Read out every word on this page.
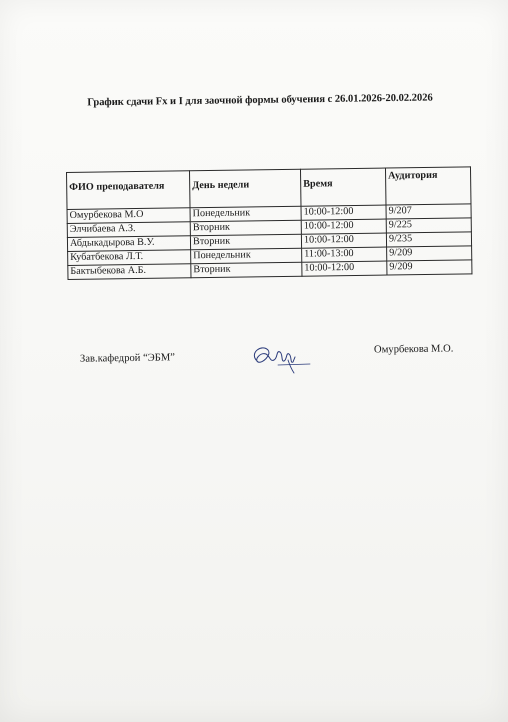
График сдачи Fx и I для заочной формы обучения с 26.01.2026-20.02.2026
ФИО преподавателя	День недели	Время	Аудитория
Омурбекова М.О	Понедельник	10:00-12:00	9/207
Элчибаева А.З.	Вторник	10:00-12:00	9/225
Абдыкадырова В.У.	Вторник	10:00-12:00	9/235
Кубатбекова Л.Т.	Понедельник	11:00-13:00	9/209
Бактыбекова А.Б.	Вторник	10:00-12:00	9/209
Зав.кафедрой “ЭБМ”
Омурбекова М.О.
